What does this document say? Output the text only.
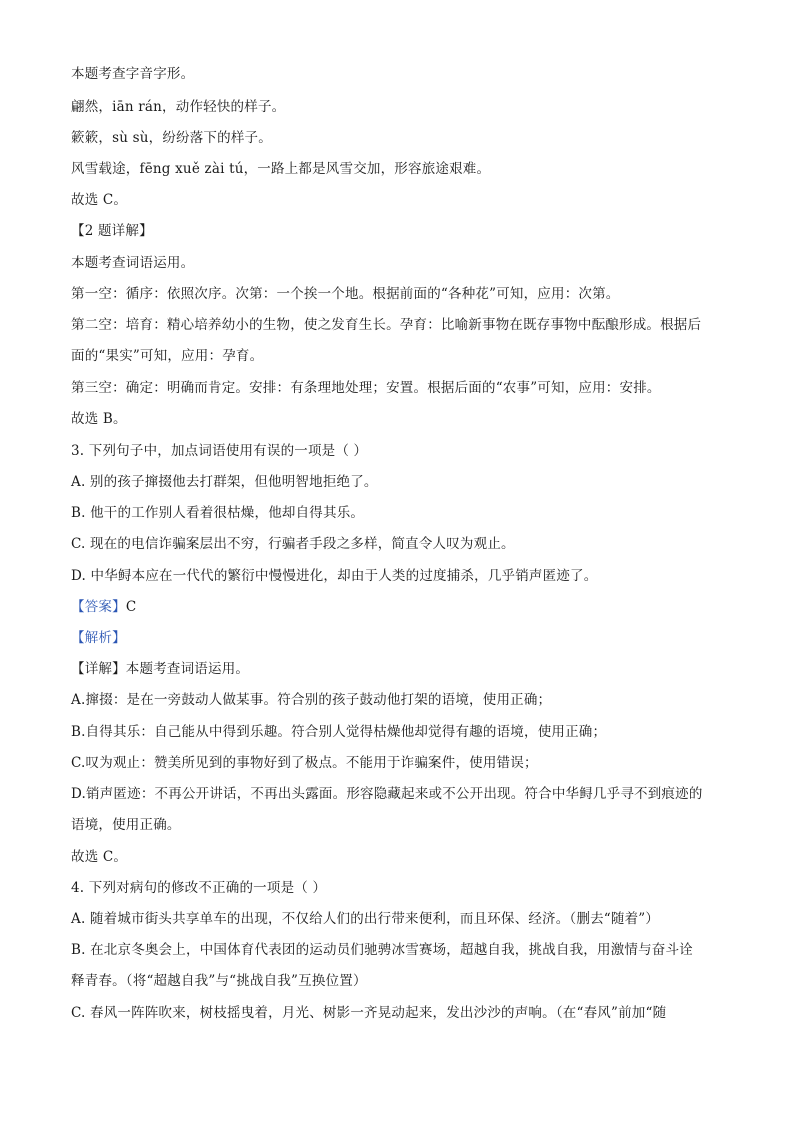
本题考查字音字形。
翩然，iān rán，动作轻快的样子。
簌簌，sù sù，纷纷落下的样子。
风雪载途，fēng xuě zài tú，一路上都是风雪交加，形容旅途艰难。
故选 C。
【2 题详解】
本题考查词语运用。
第一空：循序：依照次序。次第：一个挨一个地。根据前面的“各种花”可知，应用：次第。
第二空：培育：精心培养幼小的生物，使之发育生长。孕育：比喻新事物在既存事物中酝酿形成。根据后
面的“果实”可知，应用：孕育。
第三空：确定：明确而肯定。安排：有条理地处理；安置。根据后面的“农事”可知，应用：安排。
故选 B。
3. 下列句子中，加点词语使用有误的一项是（ ）
A. 别的孩子撺掇他去打群架，但他明智地拒绝了。
B. 他干的工作别人看着很枯燥，他却自得其乐。
C. 现在的电信诈骗案层出不穷，行骗者手段之多样，简直令人叹为观止。
D. 中华鲟本应在一代代的繁衍中慢慢进化，却由于人类的过度捕杀，几乎销声匿迹了。
【答案】C
【解析】
【详解】本题考查词语运用。
A.撺掇：是在一旁鼓动人做某事。符合别的孩子鼓动他打架的语境，使用正确；
B.自得其乐：自己能从中得到乐趣。符合别人觉得枯燥他却觉得有趣的语境，使用正确；
C.叹为观止：赞美所见到的事物好到了极点。不能用于诈骗案件，使用错误；
D.销声匿迹：不再公开讲话，不再出头露面。形容隐藏起来或不公开出现。符合中华鲟几乎寻不到痕迹的
语境，使用正确。
故选 C。
4. 下列对病句的修改不正确的一项是（ ）
A. 随着城市街头共享单车的出现，不仅给人们的出行带来便利，而且环保、经济。（删去“随着”）
B. 在北京冬奥会上，中国体育代表团的运动员们驰骋冰雪赛场，超越自我，挑战自我，用激情与奋斗诠
释青春。（将“超越自我”与“挑战自我”互换位置）
C. 春风一阵阵吹来，树枝摇曳着，月光、树影一齐晃动起来，发出沙沙的声响。（在“春风”前加“随
